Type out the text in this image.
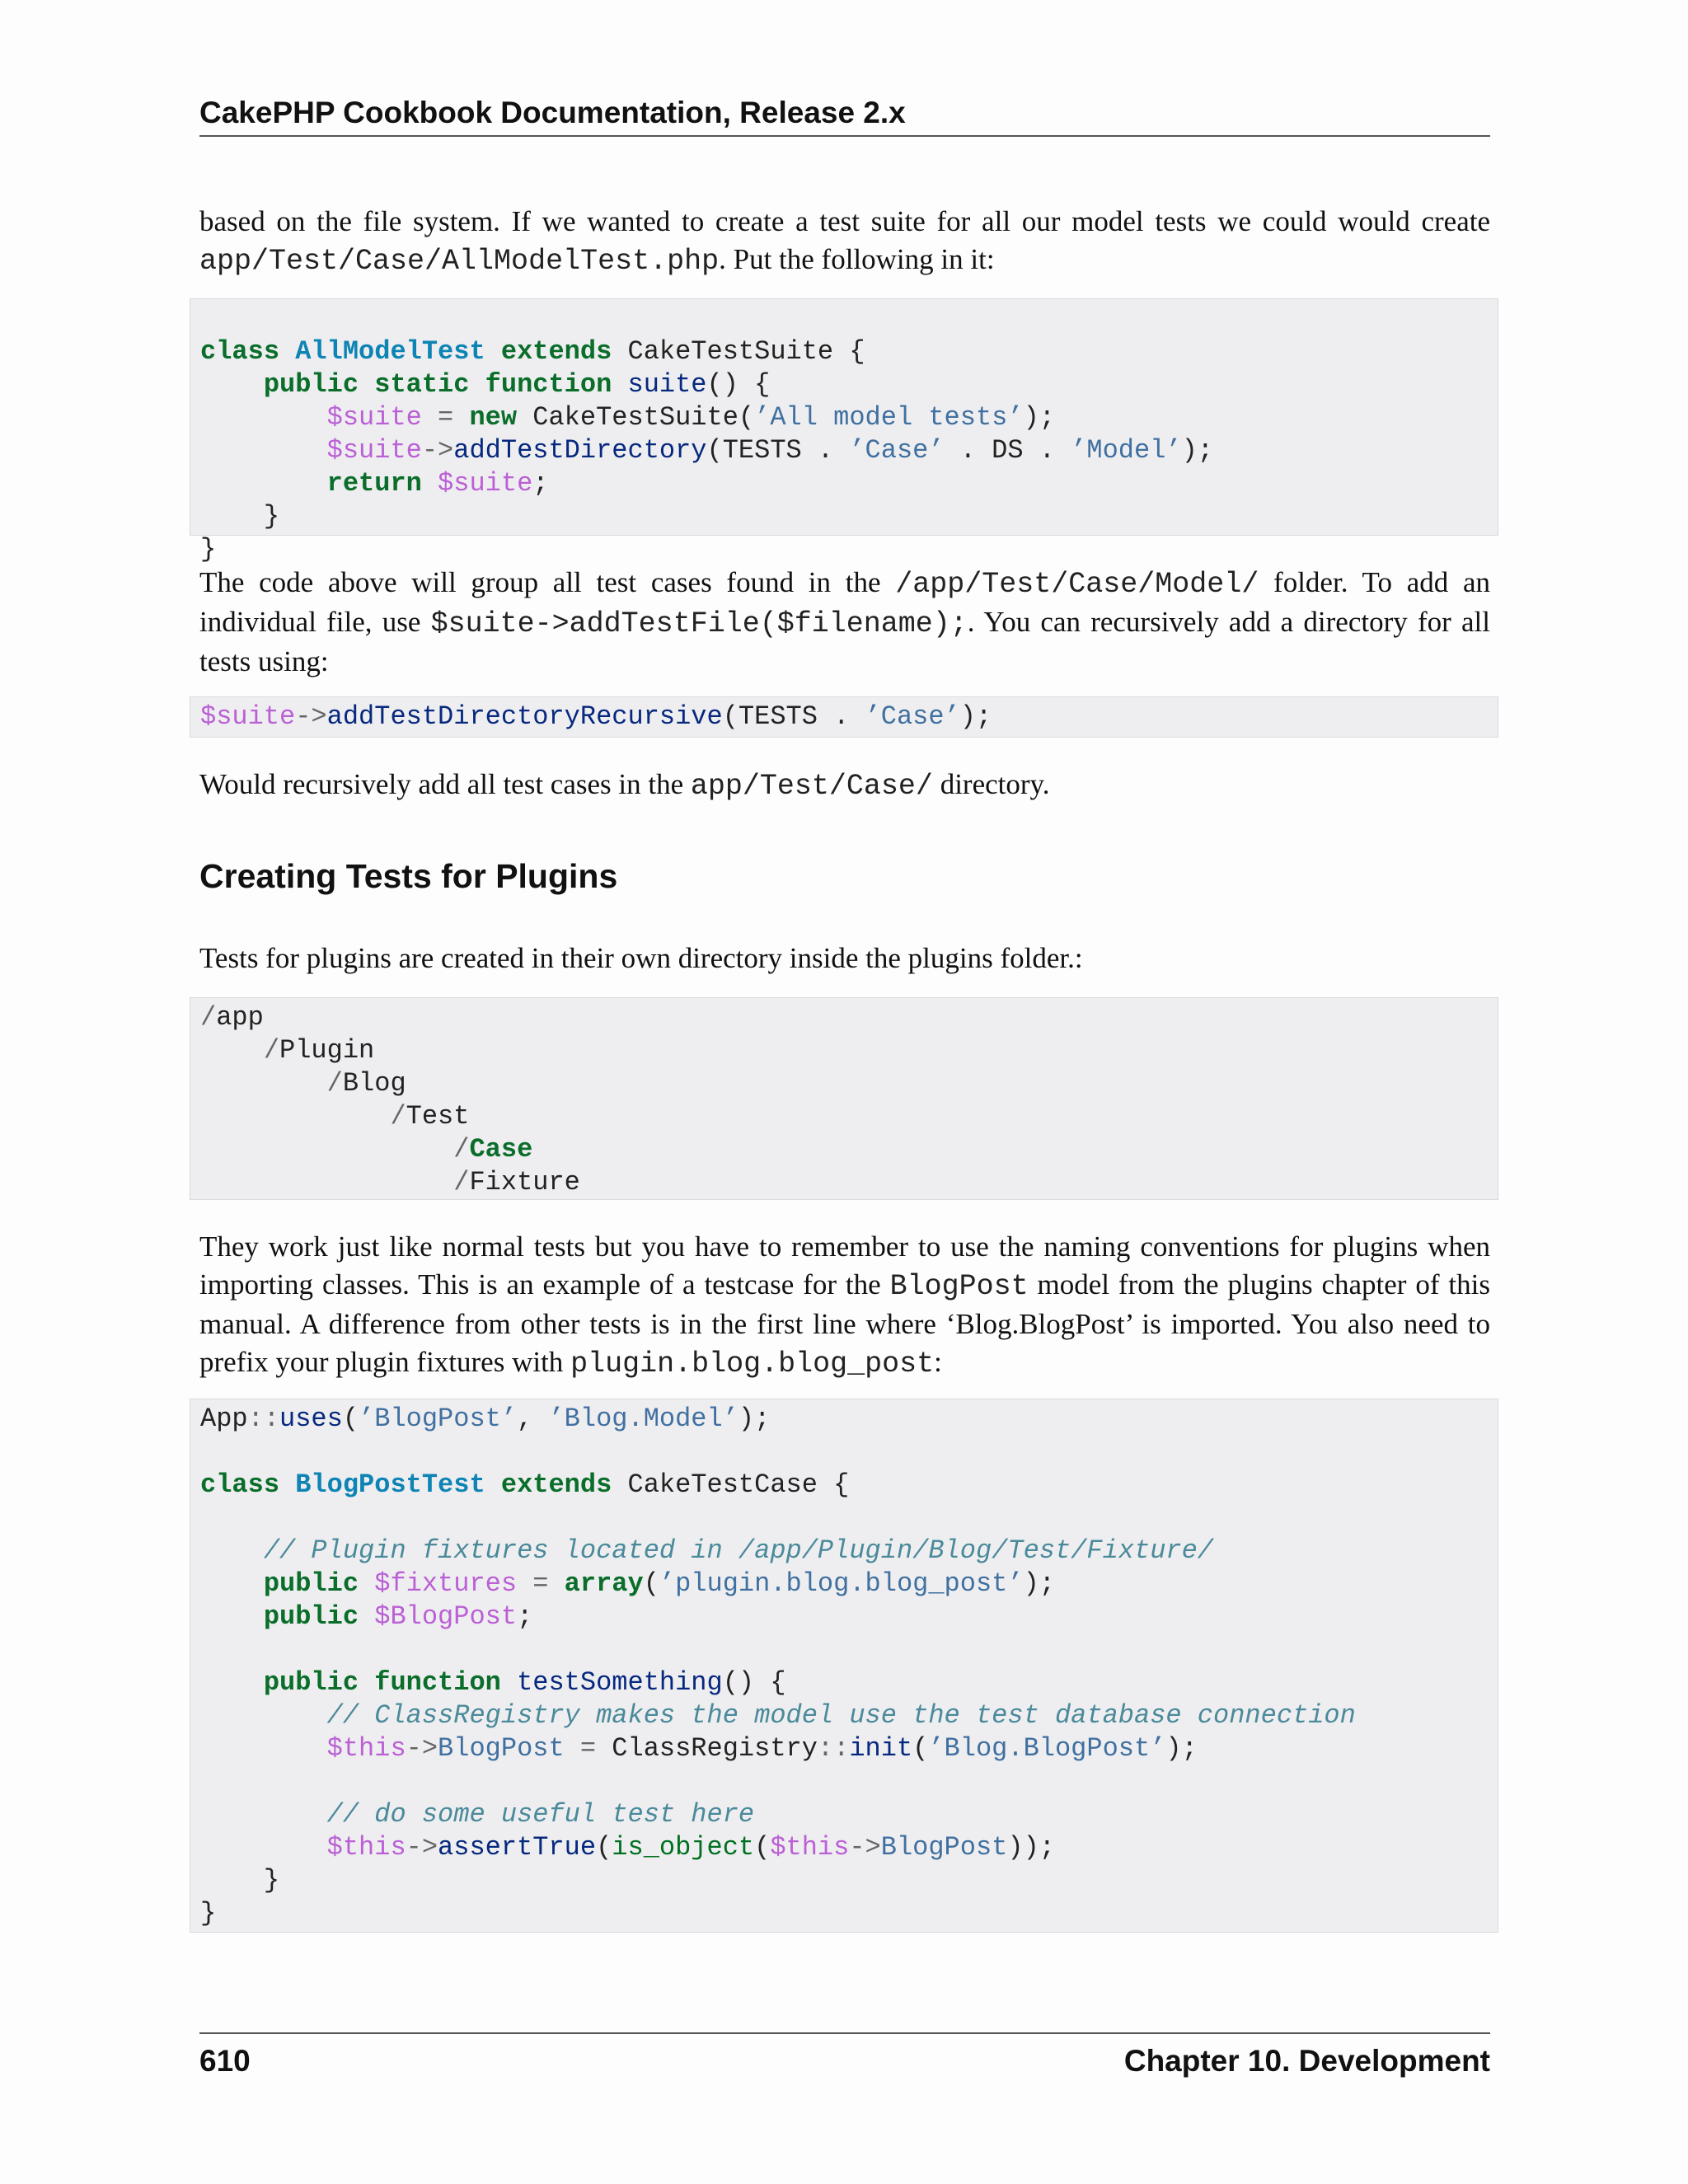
CakePHP Cookbook Documentation, Release 2.x

based on the file system. If we wanted to create a test suite for all our model tests we could would create app/Test/Case/AllModelTest.php. Put the following in it:

class AllModelTest extends CakeTestSuite {
public static function suite() {
$suite = new CakeTestSuite(’All model tests’);
$suite->addTestDirectory(TESTS . ’Case’ . DS . ’Model’);
return $suite;
}
}

The code above will group all test cases found in the /app/Test/Case/Model/ folder. To add an individual file, use $suite->addTestFile($filename);. You can recursively add a directory for all tests using:

$suite->addTestDirectoryRecursive(TESTS . ’Case’);

Would recursively add all test cases in the app/Test/Case/ directory.

Creating Tests for Plugins

Tests for plugins are created in their own directory inside the plugins folder.:

/app
/Plugin
/Blog
/Test
/Case
/Fixture

They work just like normal tests but you have to remember to use the naming conventions for plugins when importing classes. This is an example of a testcase for the BlogPost model from the plugins chapter of this manual. A difference from other tests is in the first line where ‘Blog.BlogPost’ is imported. You also need to prefix your plugin fixtures with plugin.blog.blog_post:

App::uses(’BlogPost’, ’Blog.Model’);
class BlogPostTest extends CakeTestCase {
// Plugin fixtures located in /app/Plugin/Blog/Test/Fixture/
public $fixtures = array(’plugin.blog.blog_post’);
public $BlogPost;
public function testSomething() {
// ClassRegistry makes the model use the test database connection
$this->BlogPost = ClassRegistry::init(’Blog.BlogPost’);
// do some useful test here
$this->assertTrue(is_object($this->BlogPost));
}
}
610	Chapter 10. Development
